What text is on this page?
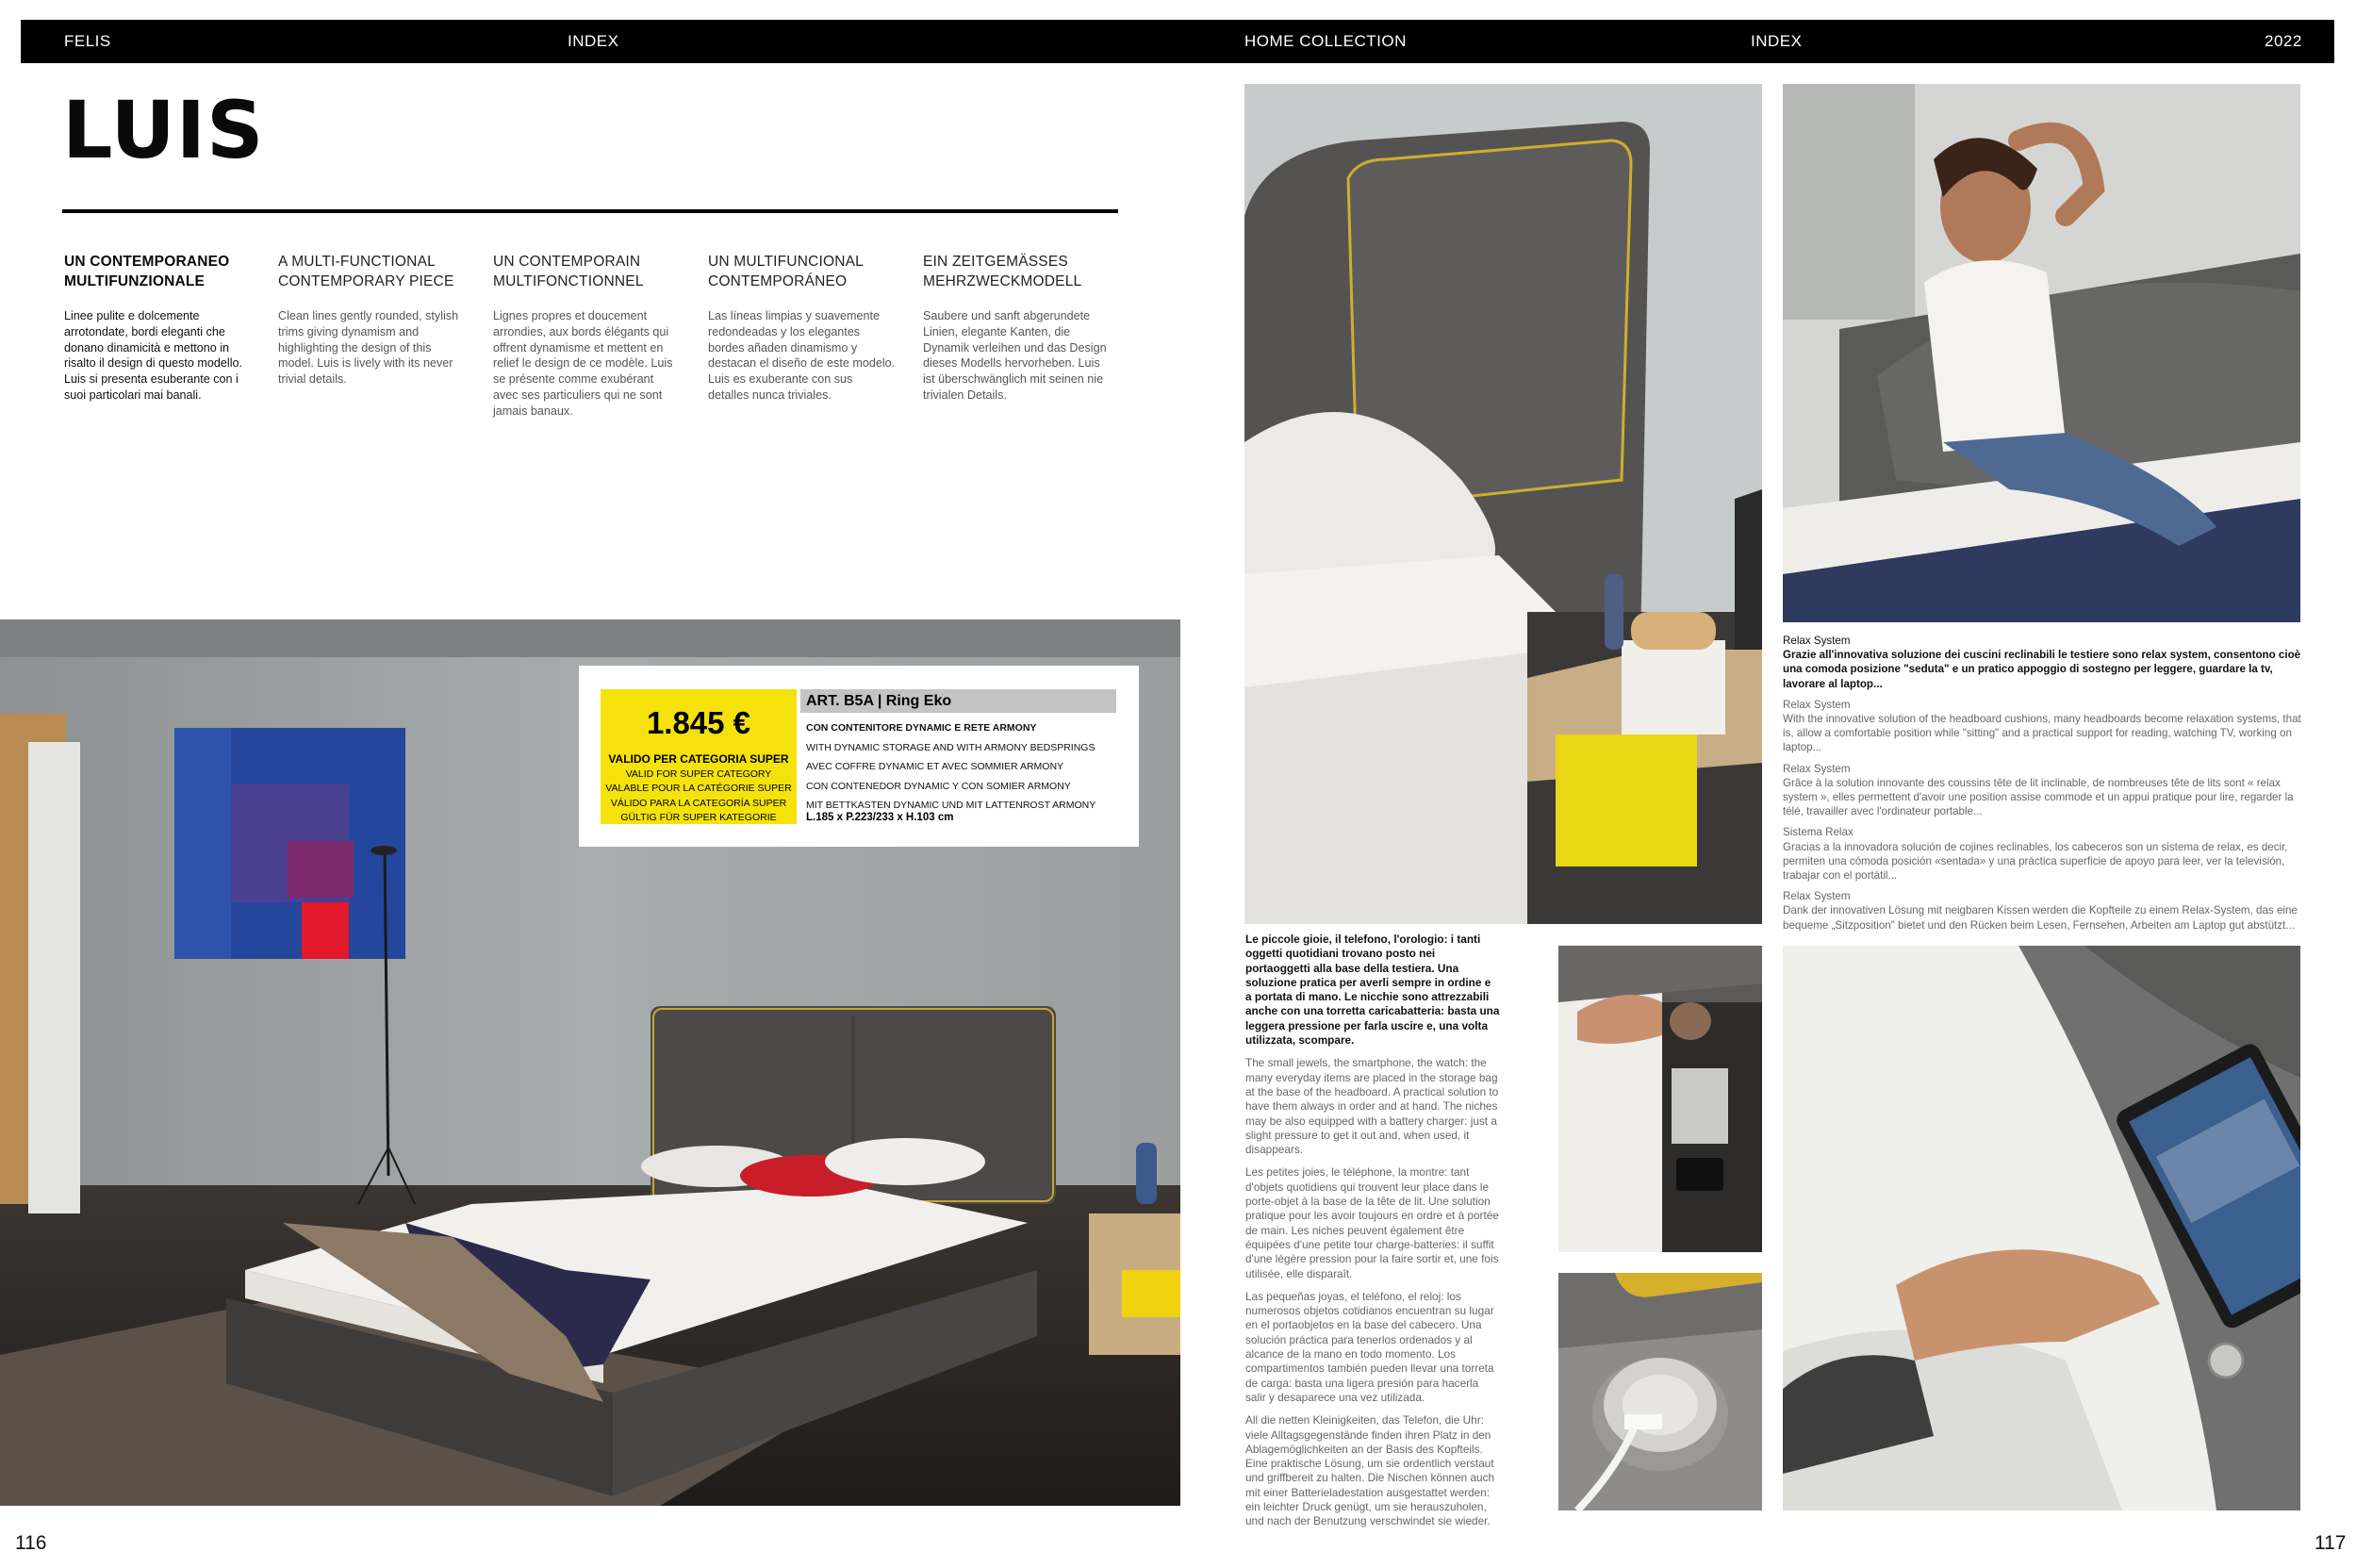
FELIS	INDEX	HOME COLLECTION	INDEX	2022
LUIS

UN CONTEMPORANEO MULTIFUNZIONALE

Linee pulite e dolcemente arrotondate, bordi eleganti che donano dinamicità e mettono in risalto il design di questo modello. Luis si presenta esuberante con i suoi particolari mai banali.

A MULTI-FUNCTIONAL CONTEMPORARY PIECE

Clean lines gently rounded, stylish trims giving dynamism and highlighting the design of this model. Luis is lively with its never trivial details.

UN CONTEMPORAIN MULTIFONCTIONNEL

Lignes propres et doucement arrondies, aux bords élégants qui offrent dynamisme et mettent en relief le design de ce modèle. Luis se présente comme exubérant avec ses particuliers qui ne sont jamais banaux.

UN MULTIFUNCIONAL CONTEMPORÁNEO

Las líneas limpias y suavemente redondeadas y los elegantes bordes añaden dinamismo y destacan el diseño de este modelo. Luis es exuberante con sus detalles nunca triviales.

EIN ZEITGEMÄSSES MEHRZWECKMODELL

Saubere und sanft abgerundete Linien, elegante Kanten, die Dynamik verleihen und das Design dieses Modells hervorheben. Luis ist überschwänglich mit seinen nie trivialen Details.

1.845 €
VALIDO PER CATEGORIA SUPER
VALID FOR SUPER CATEGORY
VALABLE POUR LA CATÉGORIE SUPER
VÁLIDO PARA LA CATEGORÍA SUPER
GÜLTIG FÜR SUPER KATEGORIE
ART. B5A | Ring Eko
CON CONTENITORE DYNAMIC E RETE ARMONY
WITH DYNAMIC STORAGE AND WITH ARMONY BEDSPRINGS
AVEC COFFRE DYNAMIC ET AVEC SOMMIER ARMONY
CON CONTENEDOR DYNAMIC Y CON SOMIER ARMONY
MIT BETTKASTEN DYNAMIC UND MIT LATTENROST ARMONY
L.185 x P.223/233 x H.103 cm
Relax System
Grazie all'innovativa soluzione dei cuscini reclinabili le testiere sono relax system, consentono cioè una comoda posizione "seduta" e un pratico appoggio di sostegno per leggere, guardare la tv, lavorare al laptop...
Relax System
With the innovative solution of the headboard cushions, many headboards become relaxation systems, that is, allow a comfortable position while "sitting" and a practical support for reading, watching TV, working on laptop...
Relax System
Grâce à la solution innovante des coussins tête de lit inclinable, de nombreuses tête de lits sont « relax system », elles permettent d'avoir une position assise commode et un appui pratique pour lire, regarder la télé, travailler avec l'ordinateur portable...
Sistema Relax
Gracias a la innovadora solución de cojines reclinables, los cabeceros son un sistema de relax, es decir, permiten una cómoda posición «sentada» y una práctica superficie de apoyo para leer, ver la televisión, trabajar con el portátil...
Relax System
Dank der innovativen Lösung mit neigbaren Kissen werden die Kopfteile zu einem Relax-System, das eine bequeme „Sitzposition" bietet und den Rücken beim Lesen, Fernsehen, Arbeiten am Laptop gut abstützt...

Le piccole gioie, il telefono, l'orologio: i tanti oggetti quotidiani trovano posto nei portaoggetti alla base della testiera. Una soluzione pratica per averli sempre in ordine e a portata di mano. Le nicchie sono attrezzabili anche con una torretta caricabatteria: basta una leggera pressione per farla uscire e, una volta utilizzata, scompare.

The small jewels, the smartphone, the watch: the many everyday items are placed in the storage bag at the base of the headboard. A practical solution to have them always in order and at hand. The niches may be also equipped with a battery charger: just a slight pressure to get it out and, when used, it disappears.

Les petites joies, le téléphone, la montre: tant d'objets quotidiens qui trouvent leur place dans le porte-objet à la base de la tête de lit. Une solution pratique pour les avoir toujours en ordre et à portée de main. Les niches peuvent également être équipées d'une petite tour charge-batteries: il suffit d'une légère pression pour la faire sortir et, une fois utilisée, elle disparaît.

Las pequeñas joyas, el teléfono, el reloj: los numerosos objetos cotidianos encuentran su lugar en el portaobjetos en la base del cabecero. Una solución práctica para tenerlos ordenados y al alcance de la mano en todo momento. Los compartimentos también pueden llevar una torreta de carga: basta una ligera presión para hacerla salir y desaparece una vez utilizada.

All die netten Kleinigkeiten, das Telefon, die Uhr: viele Alltagsgegenstände finden ihren Platz in den Ablagemöglichkeiten an der Basis des Kopfteils. Eine praktische Lösung, um sie ordentlich verstaut und griffbereit zu halten. Die Nischen können auch mit einer Batterieladestation ausgestattet werden: ein leichter Druck genügt, um sie herauszuholen, und nach der Benutzung verschwindet sie wieder.

116	117
